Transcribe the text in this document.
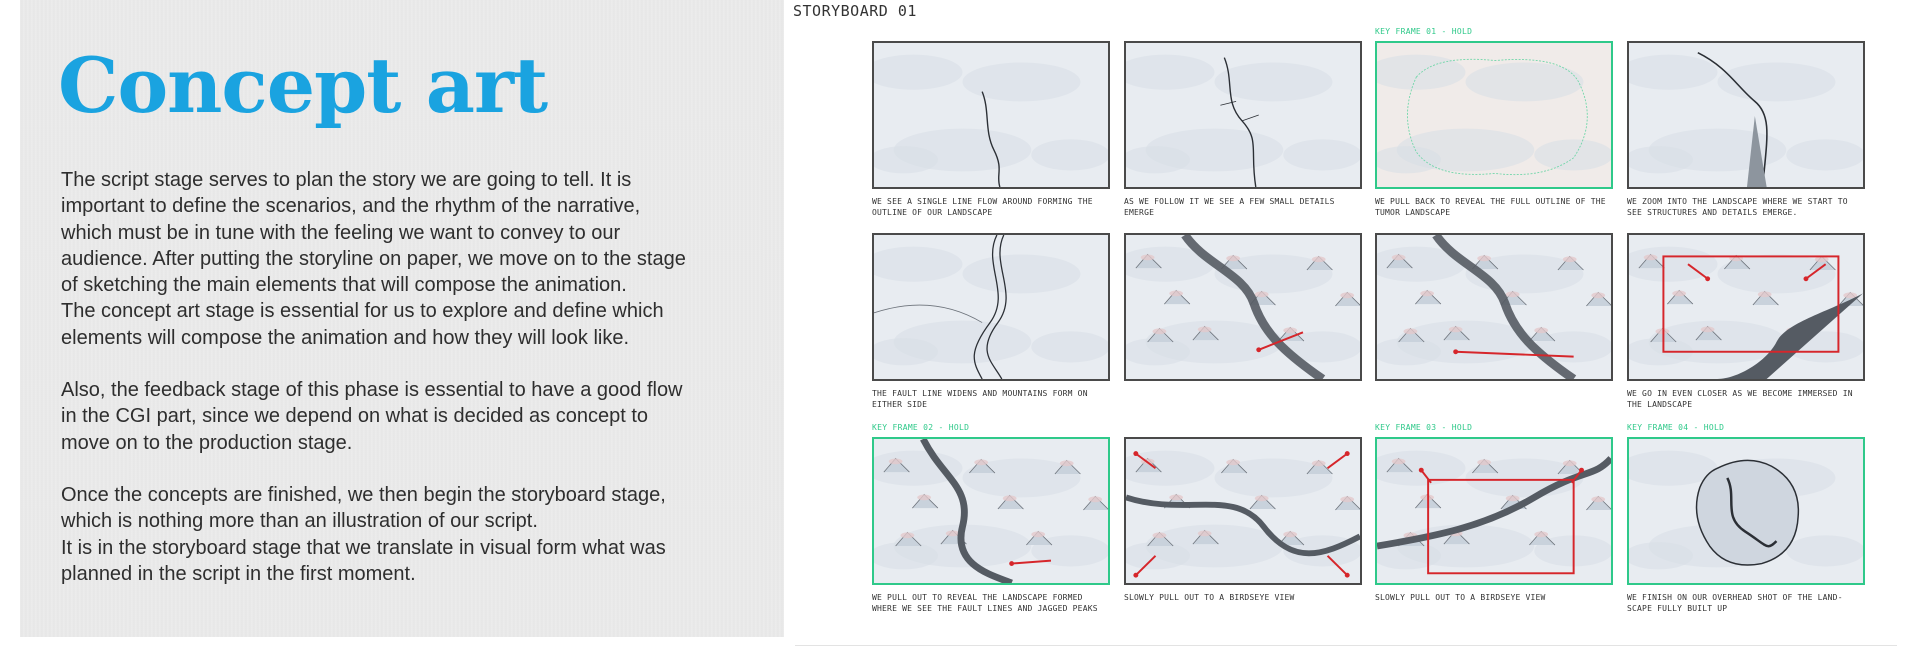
Concept art

The script stage serves to plan the story we are going to tell. It is
important to define the scenarios, and the rhythm of the narrative,
which must be in tune with the feeling we want to convey to our
audience. After putting the storyline on paper, we move on to the stage
of sketching the main elements that will compose the animation.
The concept art stage is essential for us to explore and define which
elements will compose the animation and how they will look like.

Also, the feedback stage of this phase is essential to have a good flow
in the CGI part, since we depend on what is decided as concept to
move on to the production stage.

Once the concepts are finished, we then begin the storyboard stage,
which is nothing more than an illustration of our script.
It is in the storyboard stage that we translate in visual form what was
planned in the script in the first moment.

STORYBOARD 01

WE SEE A SINGLE LINE FLOW AROUND FORMING THE
OUTLINE OF OUR LANDSCAPE

AS WE FOLLOW IT WE SEE A FEW SMALL DETAILS
EMERGE

KEY FRAME 01 - HOLD

WE PULL BACK TO REVEAL THE FULL OUTLINE OF THE
TUMOR LANDSCAPE

WE ZOOM INTO THE LANDSCAPE WHERE WE START TO
SEE STRUCTURES AND DETAILS EMERGE.

THE FAULT LINE WIDENS AND MOUNTAINS FORM ON
EITHER SIDE

WE GO IN EVEN CLOSER AS WE BECOME IMMERSED IN
THE LANDSCAPE

KEY FRAME 02 - HOLD

WE PULL OUT TO REVEAL THE LANDSCAPE FORMED
WHERE WE SEE THE FAULT LINES AND JAGGED PEAKS

SLOWLY PULL OUT TO A BIRDSEYE VIEW

KEY FRAME 03 - HOLD

SLOWLY PULL OUT TO A BIRDSEYE VIEW

KEY FRAME 04 - HOLD

WE FINISH ON OUR OVERHEAD SHOT OF THE LAND-
SCAPE FULLY BUILT UP
